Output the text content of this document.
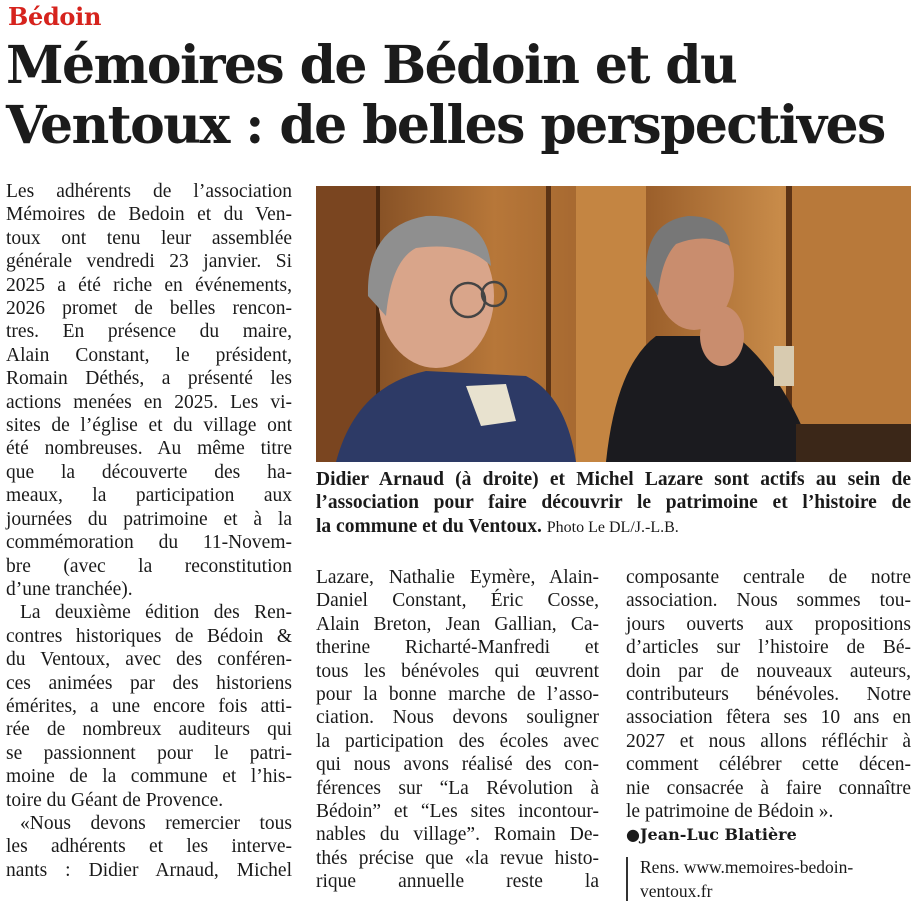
Bédoin
Mémoires de Bédoin et du
Ventoux : de belles perspectives
Les adhérents de l’association
Mémoires de Bedoin et du Ven-
toux ont tenu leur assemblée
générale vendredi 23 janvier. Si
2025 a été riche en événements,
2026 promet de belles rencon-
tres. En présence du maire,
Alain Constant, le président,
Romain Déthés, a présenté les
actions menées en 2025. Les vi-
sites de l’église et du village ont
été nombreuses. Au même titre
que la découverte des ha-
meaux, la participation aux
journées du patrimoine et à la
commémoration du 11-Novem-
bre (avec la reconstitution
d’une tranchée).
La deuxième édition des Ren-
contres historiques de Bédoin &
du Ventoux, avec des conféren-
ces animées par des historiens
émérites, a une encore fois atti-
rée de nombreux auditeurs qui
se passionnent pour le patri-
moine de la commune et l’his-
toire du Géant de Provence.
«Nous devons remercier tous
les adhérents et les interve-
nants : Didier Arnaud, Michel
Didier Arnaud (à droite) et Michel Lazare sont actifs au sein de
l’association pour faire découvrir le patrimoine et l’histoire de
la commune et du Ventoux. Photo Le DL/J.-L.B.
Lazare, Nathalie Eymère, Alain-
Daniel Constant, Éric Cosse,
Alain Breton, Jean Gallian, Ca-
therine Richarté-Manfredi et
tous les bénévoles qui œuvrent
pour la bonne marche de l’asso-
ciation. Nous devons souligner
la participation des écoles avec
qui nous avons réalisé des con-
férences sur “La Révolution à
Bédoin” et “Les sites incontour-
nables du village”. Romain De-
thés précise que «la revue histo-
rique annuelle reste la
composante centrale de notre
association. Nous sommes tou-
jours ouverts aux propositions
d’articles sur l’histoire de Bé-
doin par de nouveaux auteurs,
contributeurs bénévoles. Notre
association fêtera ses 10 ans en
2027 et nous allons réfléchir à
comment célébrer cette décen-
nie consacrée à faire connaître
le patrimoine de Bédoin ».
●Jean-Luc Blatière
Rens. www.memoires-bedoin-
ventoux.fr
